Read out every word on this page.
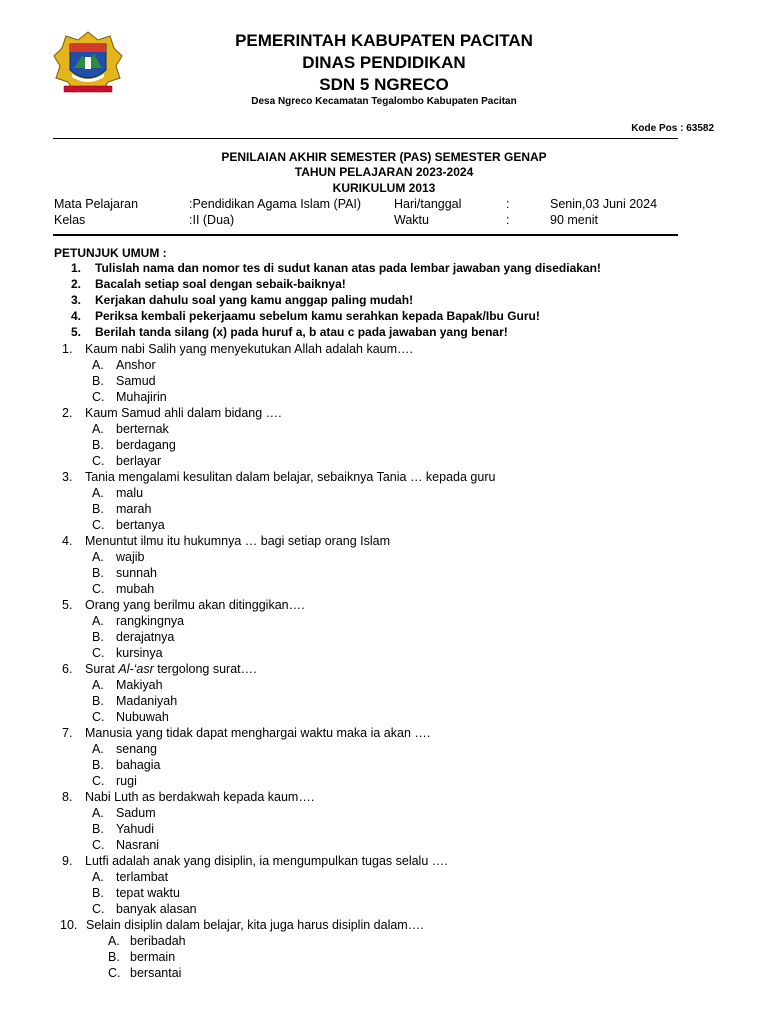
PEMERINTAH KABUPATEN PACITAN
DINAS PENDIDIKAN
SDN 5 NGRECO
Desa Ngreco Kecamatan Tegalombo Kabupaten Pacitan
Kode Pos : 63582
PENILAIAN AKHIR SEMESTER (PAS) SEMESTER GENAP
TAHUN PELAJARAN 2023-2024
KURIKULUM 2013
Mata Pelajaran	:Pendidikan Agama Islam (PAI)	Hari/tanggal	:	Senin,03 Juni 2024
Kelas	:II (Dua)	Waktu	:	90 menit
PETUNJUK UMUM :
1. Tulislah nama dan nomor tes di sudut kanan atas pada lembar jawaban yang disediakan!
2. Bacalah setiap soal dengan sebaik-baiknya!
3. Kerjakan dahulu soal yang kamu anggap paling mudah!
4. Periksa kembali pekerjaamu sebelum kamu serahkan kepada Bapak/Ibu Guru!
5. Berilah tanda silang (x) pada huruf a, b atau c pada jawaban yang benar!
1. Kaum nabi Salih yang menyekutukan Allah adalah kaum….
A. Anshor
B. Samud
C. Muhajirin
2. Kaum Samud ahli dalam bidang ….
A. berternak
B. berdagang
C. berlayar
3. Tania mengalami kesulitan dalam belajar, sebaiknya Tania … kepada guru
A. malu
B. marah
C. bertanya
4. Menuntut ilmu itu hukumnya … bagi setiap orang Islam
A. wajib
B. sunnah
C. mubah
5. Orang yang berilmu akan ditinggikan….
A. rangkingnya
B. derajatnya
C. kursinya
6. Surat Al-‘asr tergolong surat….
A. Makiyah
B. Madaniyah
C. Nubuwah
7. Manusia yang tidak dapat menghargai waktu maka ia akan ….
A. senang
B. bahagia
C. rugi
8. Nabi Luth as berdakwah kepada kaum….
A. Sadum
B. Yahudi
C. Nasrani
9. Lutfi adalah anak yang disiplin, ia mengumpulkan tugas selalu ….
A. terlambat
B. tepat waktu
C. banyak alasan
10. Selain disiplin dalam belajar, kita juga harus disiplin dalam….
A. beribadah
B. bermain
C. bersantai
